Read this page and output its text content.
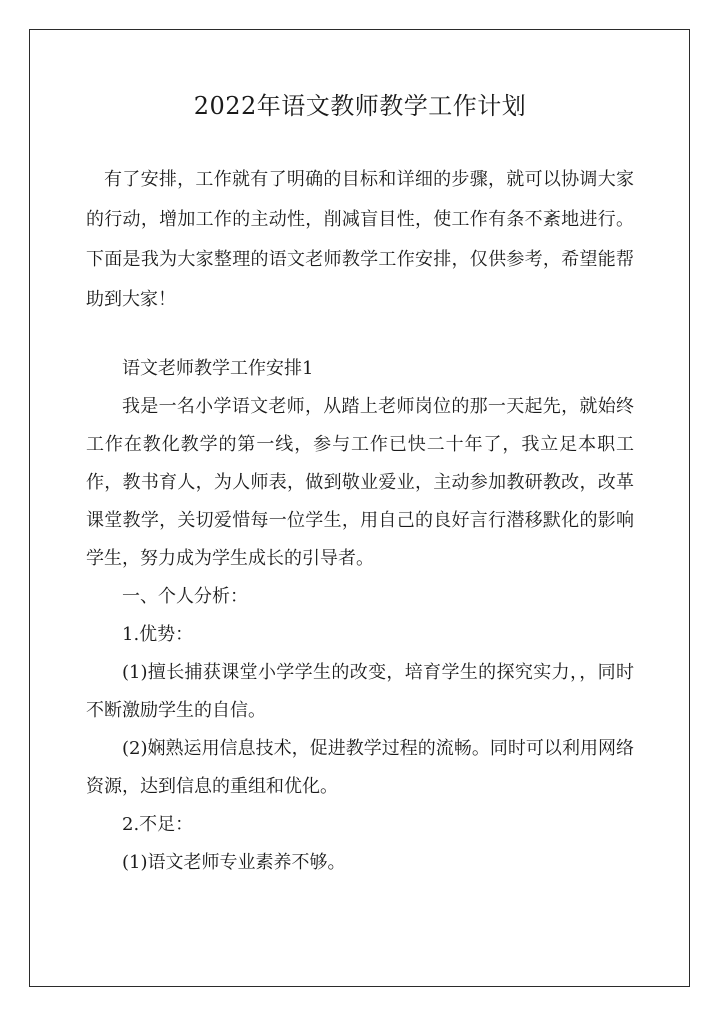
2022年语文教师教学工作计划

有了安排，工作就有了明确的目标和详细的步骤，就可以协调大家的行动，增加工作的主动性，削减盲目性，使工作有条不紊地进行。下面是我为大家整理的语文老师教学工作安排，仅供参考，希望能帮助到大家！

语文老师教学工作安排1

我是一名小学语文老师，从踏上老师岗位的那一天起先，就始终工作在教化教学的第一线，参与工作已快二十年了，我立足本职工作，教书育人，为人师表，做到敬业爱业，主动参加教研教改，改革课堂教学，关切爱惜每一位学生，用自己的良好言行潜移默化的影响学生，努力成为学生成长的引导者。

一、个人分析：

1.优势：

(1)擅长捕获课堂小学学生的改变，培育学生的探究实力，，同时不断激励学生的自信。

(2)娴熟运用信息技术，促进教学过程的流畅。同时可以利用网络资源，达到信息的重组和优化。

2.不足：

(1)语文老师专业素养不够。
